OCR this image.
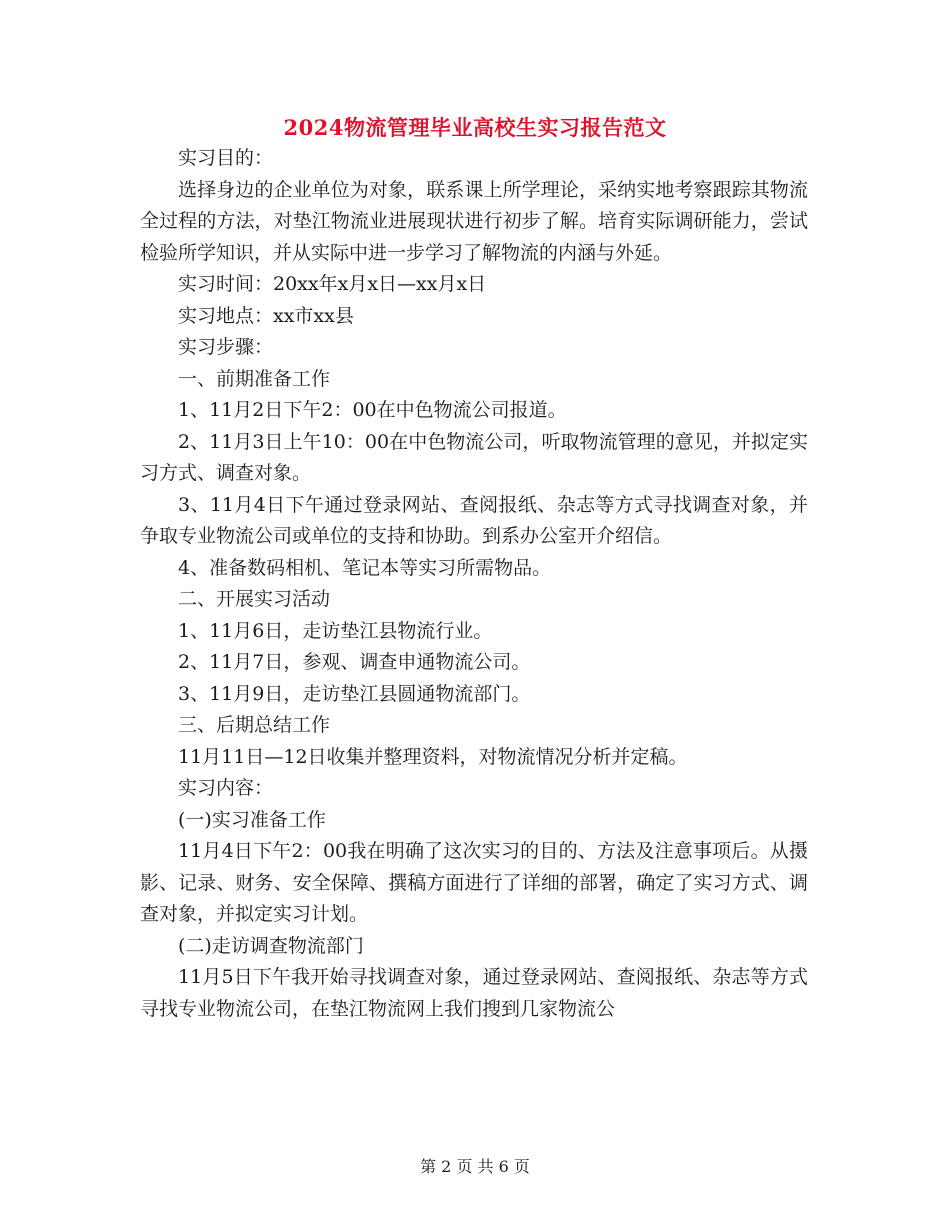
2024物流管理毕业高校生实习报告范文

实习目的：

选择身边的企业单位为对象，联系课上所学理论，采纳实地考察跟踪其物流全过程的方法，对垫江物流业进展现状进行初步了解。培育实际调研能力，尝试检验所学知识，并从实际中进一步学习了解物流的内涵与外延。

实习时间：20xx年x月x日—xx月x日

实习地点：xx市xx县

实习步骤：

一、前期准备工作

1、11月2日下午2：00在中色物流公司报道。

2、11月3日上午10：00在中色物流公司，听取物流管理的意见，并拟定实习方式、调查对象。

3、11月4日下午通过登录网站、查阅报纸、杂志等方式寻找调查对象，并争取专业物流公司或单位的支持和协助。到系办公室开介绍信。

4、准备数码相机、笔记本等实习所需物品。

二、开展实习活动

1、11月6日，走访垫江县物流行业。

2、11月7日，参观、调查申通物流公司。

3、11月9日，走访垫江县圆通物流部门。

三、后期总结工作

11月11日—12日收集并整理资料，对物流情况分析并定稿。

实习内容：

(一)实习准备工作

11月4日下午2：00我在明确了这次实习的目的、方法及注意事项后。从摄影、记录、财务、安全保障、撰稿方面进行了详细的部署，确定了实习方式、调查对象，并拟定实习计划。

(二)走访调查物流部门

11月5日下午我开始寻找调查对象，通过登录网站、查阅报纸、杂志等方式寻找专业物流公司，在垫江物流网上我们搜到几家物流公

第 2 页 共 6 页
